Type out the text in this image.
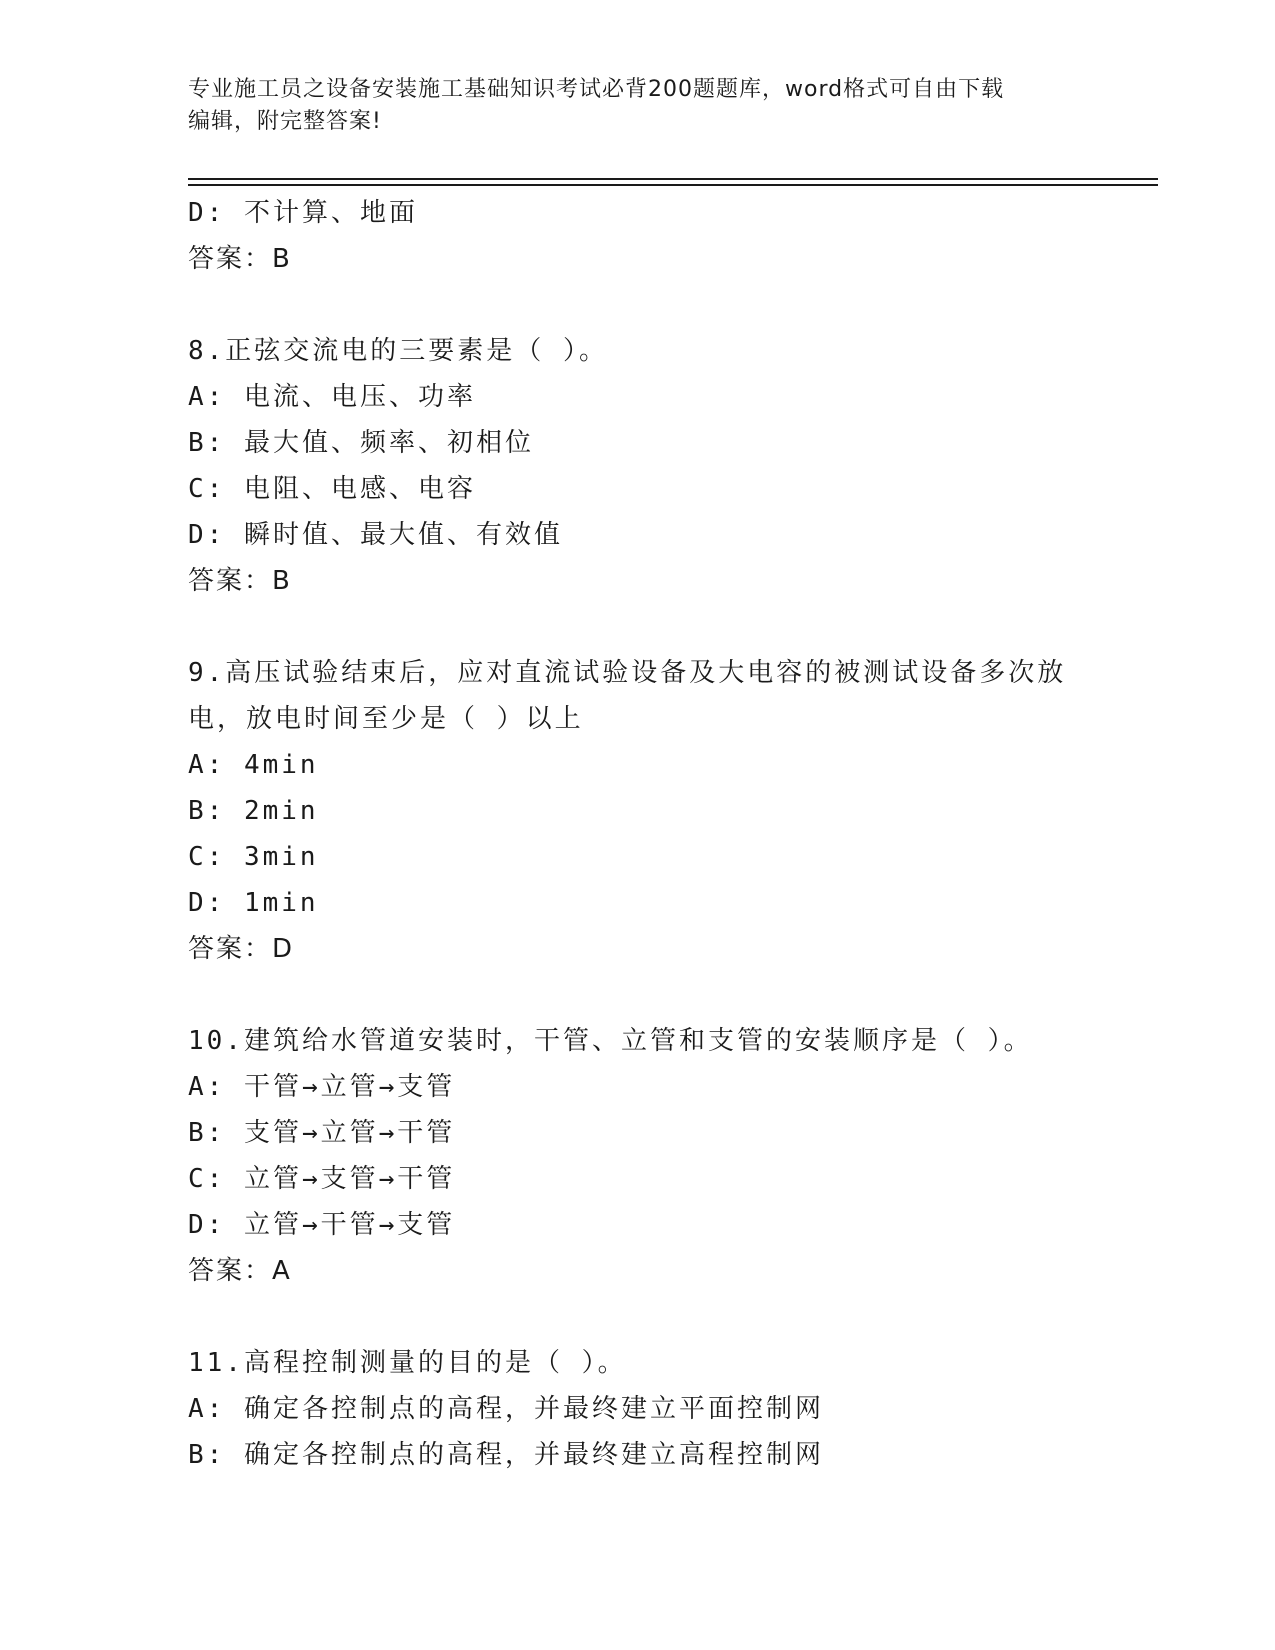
专业施工员之设备安装施工基础知识考试必背200题题库，word格式可自由下载
编辑，附完整答案!
D: 不计算、地面
答案：B
8.正弦交流电的三要素是（ ）。
A: 电流、电压、功率
B: 最大值、频率、初相位
C: 电阻、电感、电容
D: 瞬时值、最大值、有效值
答案：B
9.高压试验结束后，应对直流试验设备及大电容的被测试设备多次放
电，放电时间至少是（ ）以上
A: 4min
B: 2min
C: 3min
D: 1min
答案：D
10.建筑给水管道安装时，干管、立管和支管的安装顺序是（ ）。
A: 干管→立管→支管
B: 支管→立管→干管
C: 立管→支管→干管
D: 立管→干管→支管
答案：A
11.高程控制测量的目的是（ ）。
A: 确定各控制点的高程，并最终建立平面控制网
B: 确定各控制点的高程，并最终建立高程控制网
